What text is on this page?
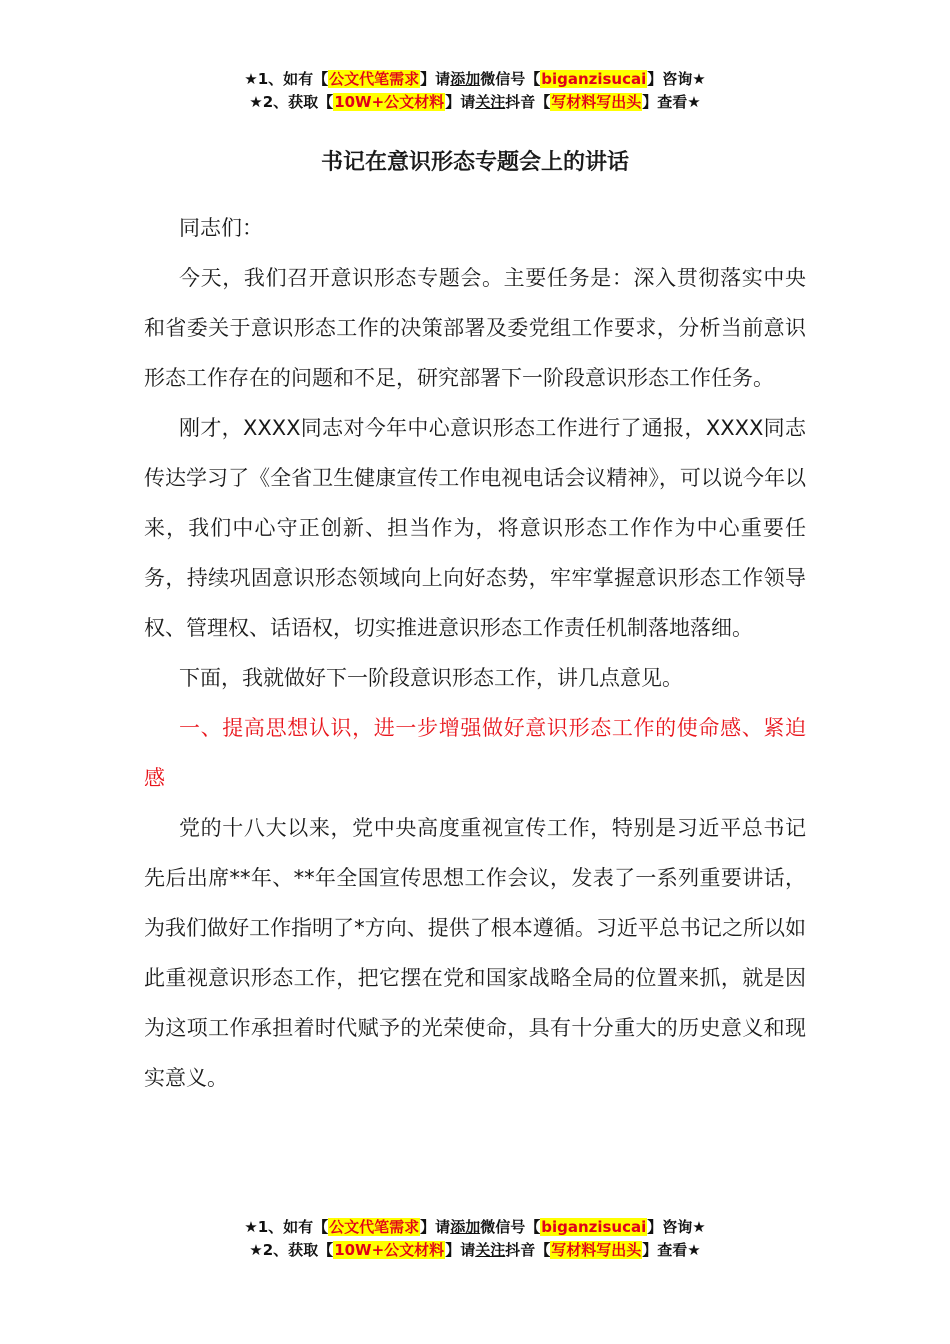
★1、如有【公文代笔需求】请添加微信号【biganzisucai】咨询★
★2、获取【10W+公文材料】请关注抖音【写材料写出头】查看★
书记在意识形态专题会上的讲话

同志们：

今天，我们召开意识形态专题会。主要任务是：深入贯彻落实中央和省委关于意识形态工作的决策部署及委党组工作要求，分析当前意识形态工作存在的问题和不足，研究部署下一阶段意识形态工作任务。

刚才，XXXX同志对今年中心意识形态工作进行了通报，XXXX同志传达学习了《全省卫生健康宣传工作电视电话会议精神》，可以说今年以来，我们中心守正创新、担当作为，将意识形态工作作为中心重要任务，持续巩固意识形态领域向上向好态势，牢牢掌握意识形态工作领导权、管理权、话语权，切实推进意识形态工作责任机制落地落细。

下面，我就做好下一阶段意识形态工作，讲几点意见。

一、提高思想认识，进一步增强做好意识形态工作的使命感、紧迫感

党的十八大以来，党中央高度重视宣传工作，特别是习近平总书记先后出席**年、**年全国宣传思想工作会议，发表了一系列重要讲话，为我们做好工作指明了*方向、提供了根本遵循。习近平总书记之所以如此重视意识形态工作，把它摆在党和国家战略全局的位置来抓，就是因为这项工作承担着时代赋予的光荣使命，具有十分重大的历史意义和现实意义。

★1、如有【公文代笔需求】请添加微信号【biganzisucai】咨询★
★2、获取【10W+公文材料】请关注抖音【写材料写出头】查看★
